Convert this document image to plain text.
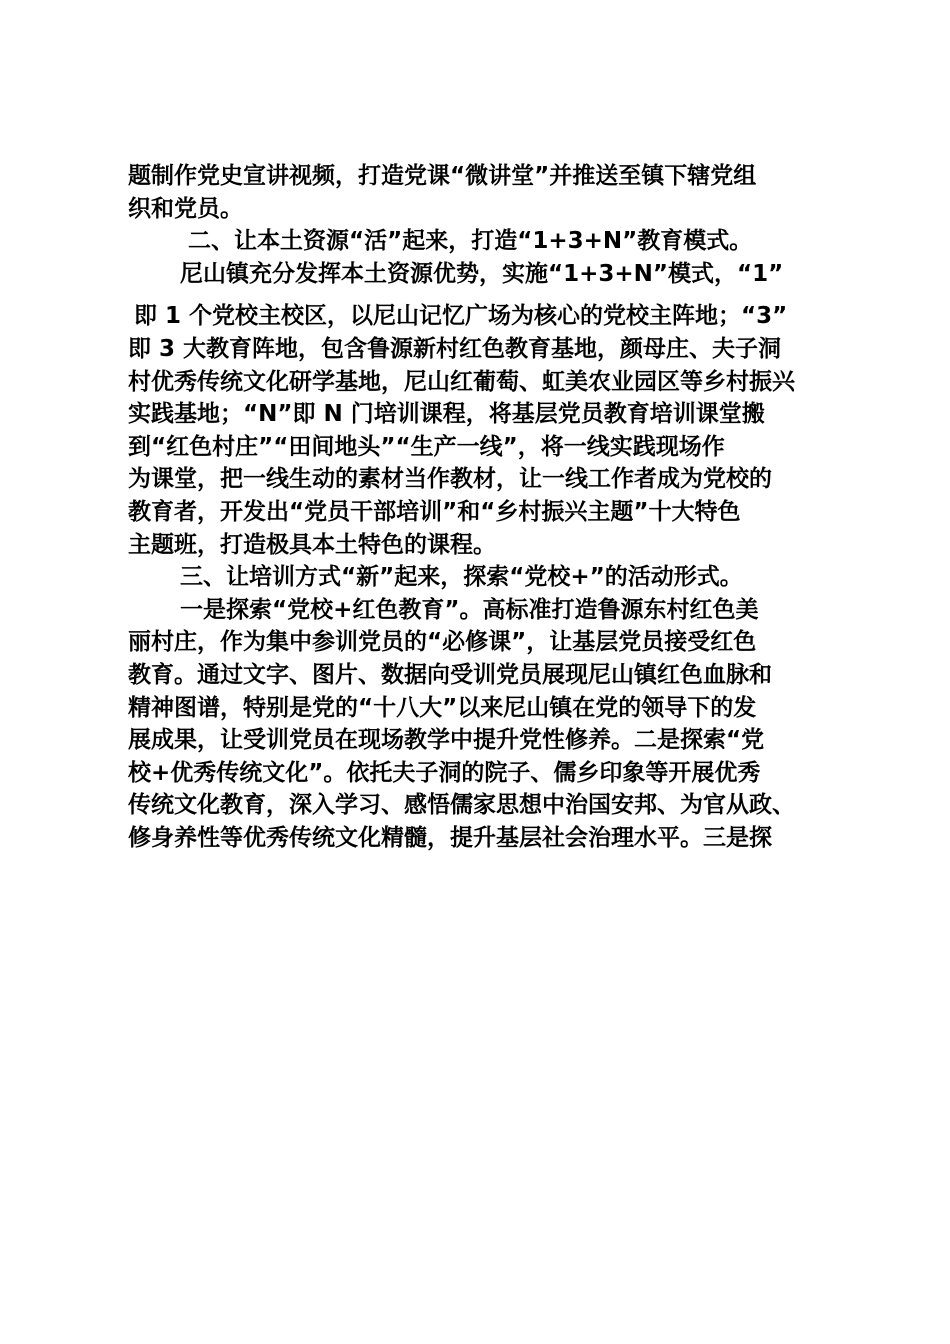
题制作党史宣讲视频，打造党课“微讲堂”并推送至镇下辖党组
织和党员。
二、让本土资源“活”起来，打造“1+3+N”教育模式。
尼山镇充分发挥本土资源优势，实施“1+3+N”模式，“1”
即 1 个党校主校区，以尼山记忆广场为核心的党校主阵地；“3”
即 3 大教育阵地，包含鲁源新村红色教育基地，颜母庄、夫子洞
村优秀传统文化研学基地，尼山红葡萄、虹美农业园区等乡村振兴
实践基地；“N”即 N 门培训课程，将基层党员教育培训课堂搬
到“红色村庄”“田间地头”“生产一线”，将一线实践现场作
为课堂，把一线生动的素材当作教材，让一线工作者成为党校的
教育者，开发出“党员干部培训”和“乡村振兴主题”十大特色
主题班，打造极具本土特色的课程。
三、让培训方式“新”起来，探索“党校+”的活动形式。
一是探索“党校+红色教育”。高标准打造鲁源东村红色美
丽村庄，作为集中参训党员的“必修课”，让基层党员接受红色
教育。通过文字、图片、数据向受训党员展现尼山镇红色血脉和
精神图谱，特别是党的“十八大”以来尼山镇在党的领导下的发
展成果，让受训党员在现场教学中提升党性修养。二是探索“党
校+优秀传统文化”。依托夫子洞的院子、儒乡印象等开展优秀
传统文化教育，深入学习、感悟儒家思想中治国安邦、为官从政、
修身养性等优秀传统文化精髓，提升基层社会治理水平。三是探
